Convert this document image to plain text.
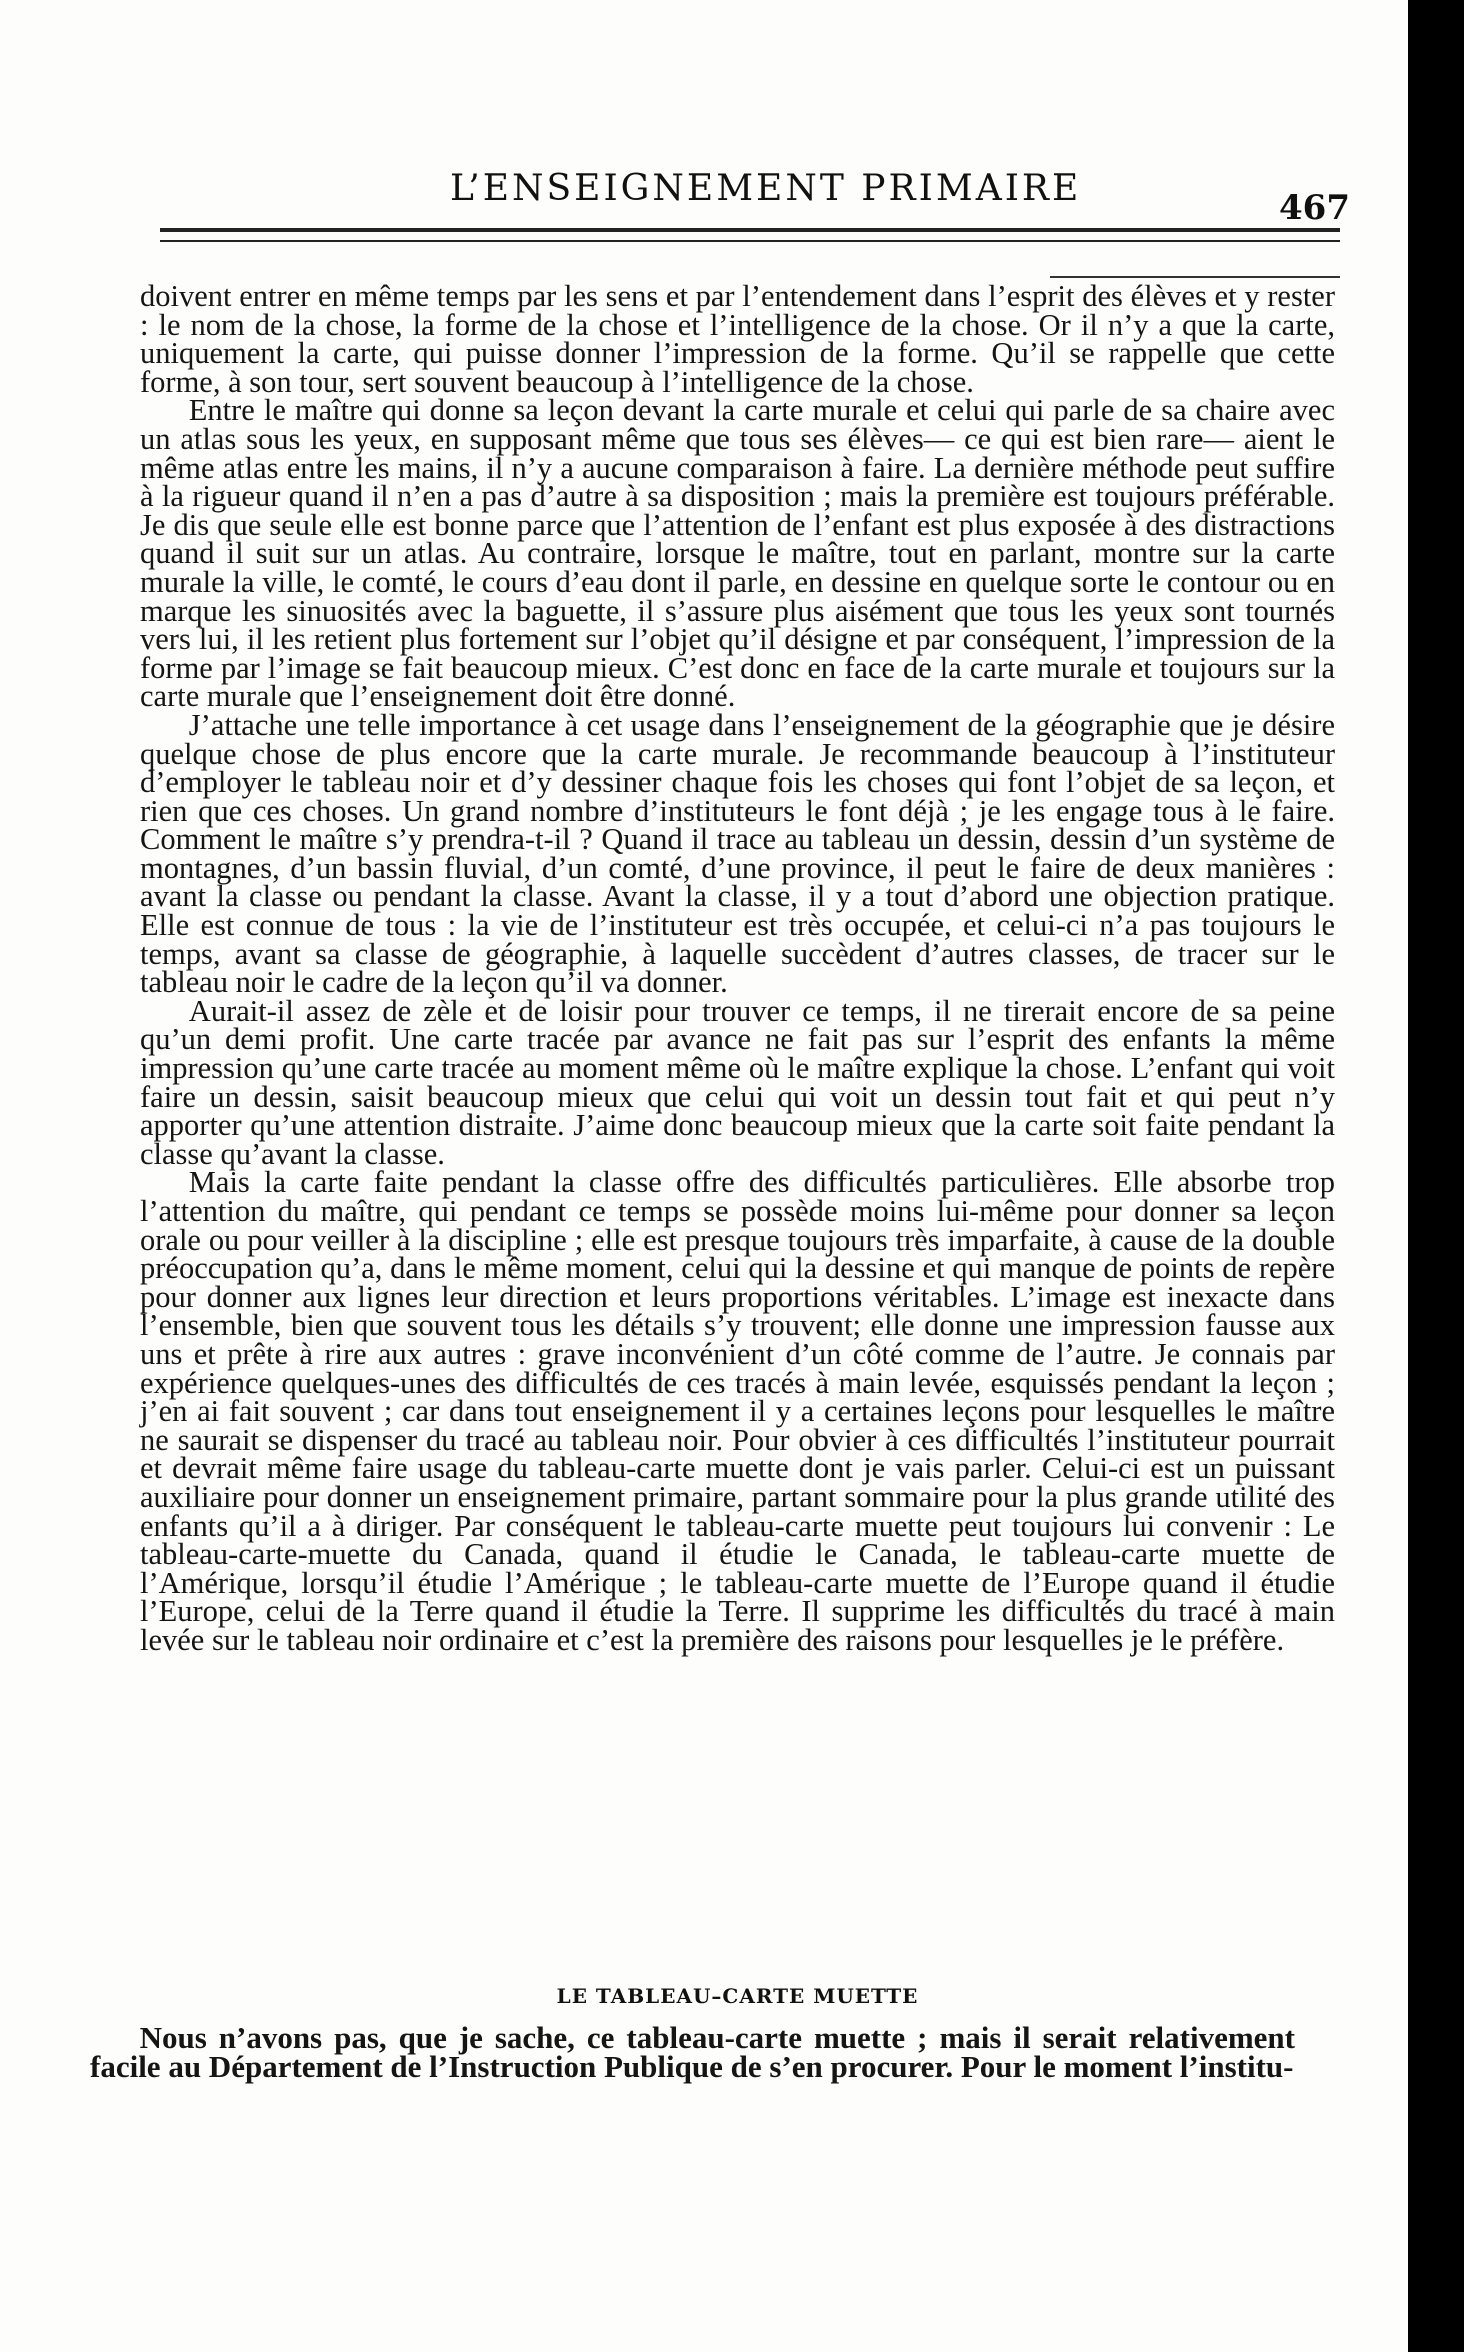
L’ENSEIGNEMENT PRIMAIRE	467

doivent entrer en même temps par les sens et par l’entendement dans l’esprit des élèves et y rester : le nom de la chose, la forme de la chose et l’intelligence de la chose. Or il n’y a que la carte, uniquement la carte, qui puisse donner l’impression de la forme. Qu’il se rappelle que cette forme, à son tour, sert souvent beaucoup à l’intelligence de la chose.

Entre le maître qui donne sa leçon devant la carte murale et celui qui parle de sa chaire avec un atlas sous les yeux, en supposant même que tous ses élèves— ce qui est bien rare— aient le même atlas entre les mains, il n’y a aucune comparaison à faire. La dernière méthode peut suffire à la rigueur quand il n’en a pas d’autre à sa disposition ; mais la première est toujours préférable. Je dis que seule elle est bonne parce que l’attention de l’enfant est plus exposée à des distractions quand il suit sur un atlas. Au contraire, lorsque le maître, tout en parlant, montre sur la carte murale la ville, le comté, le cours d’eau dont il parle, en dessine en quelque sorte le contour ou en marque les sinuosités avec la baguette, il s’assure plus aisément que tous les yeux sont tournés vers lui, il les retient plus fortement sur l’objet qu’il désigne et par conséquent, l’impression de la forme par l’image se fait beaucoup mieux. C’est donc en face de la carte murale et toujours sur la carte murale que l’enseignement doit être donné.

J’attache une telle importance à cet usage dans l’enseignement de la géographie que je désire quelque chose de plus encore que la carte murale. Je recommande beaucoup à l’instituteur d’employer le tableau noir et d’y dessiner chaque fois les choses qui font l’objet de sa leçon, et rien que ces choses. Un grand nombre d’instituteurs le font déjà ; je les engage tous à le faire. Comment le maître s’y prendra-t-il ? Quand il trace au tableau un dessin, dessin d’un système de montagnes, d’un bassin fluvial, d’un comté, d’une province, il peut le faire de deux manières : avant la classe ou pendant la classe. Avant la classe, il y a tout d’abord une objection pratique. Elle est connue de tous : la vie de l’instituteur est très occupée, et celui-ci n’a pas toujours le temps, avant sa classe de géographie, à laquelle succèdent d’autres classes, de tracer sur le tableau noir le cadre de la leçon qu’il va donner.

Aurait-il assez de zèle et de loisir pour trouver ce temps, il ne tirerait encore de sa peine qu’un demi profit. Une carte tracée par avance ne fait pas sur l’esprit des enfants la même impression qu’une carte tracée au moment même où le maître explique la chose. L’enfant qui voit faire un dessin, saisit beaucoup mieux que celui qui voit un dessin tout fait et qui peut n’y apporter qu’une attention distraite. J’aime donc beaucoup mieux que la carte soit faite pendant la classe qu’avant la classe.

Mais la carte faite pendant la classe offre des difficultés particulières. Elle absorbe trop l’attention du maître, qui pendant ce temps se possède moins lui-même pour donner sa leçon orale ou pour veiller à la discipline ; elle est presque toujours très imparfaite, à cause de la double préoccupation qu’a, dans le même moment, celui qui la dessine et qui manque de points de repère pour donner aux lignes leur direction et leurs proportions véritables. L’image est inexacte dans l’ensemble, bien que souvent tous les détails s’y trouvent; elle donne une impression fausse aux uns et prête à rire aux autres : grave inconvénient d’un côté comme de l’autre. Je connais par expérience quelques-unes des difficultés de ces tracés à main levée, esquissés pendant la leçon ; j’en ai fait souvent ; car dans tout enseignement il y a certaines leçons pour lesquelles le maître ne saurait se dispenser du tracé au tableau noir. Pour obvier à ces difficultés l’instituteur pourrait et devrait même faire usage du tableau-carte muette dont je vais parler. Celui-ci est un puissant auxiliaire pour donner un enseignement primaire, partant sommaire pour la plus grande utilité des enfants qu’il a à diriger. Par conséquent le tableau-carte muette peut toujours lui convenir : Le tableau-carte-muette du Canada, quand il étudie le Canada, le tableau-carte muette de l’Amérique, lorsqu’il étudie l’Amérique ; le tableau-carte muette de l’Europe quand il étudie l’Europe, celui de la Terre quand il étudie la Terre. Il supprime les difficultés du tracé à main levée sur le tableau noir ordinaire et c’est la première des raisons pour lesquelles je le préfère.

LE TABLEAU–CARTE MUETTE

Nous n’avons pas, que je sache, ce tableau-carte muette ; mais il serait relativement facile au Département de l’Instruction Publique de s’en procurer. Pour le moment l’institu-
